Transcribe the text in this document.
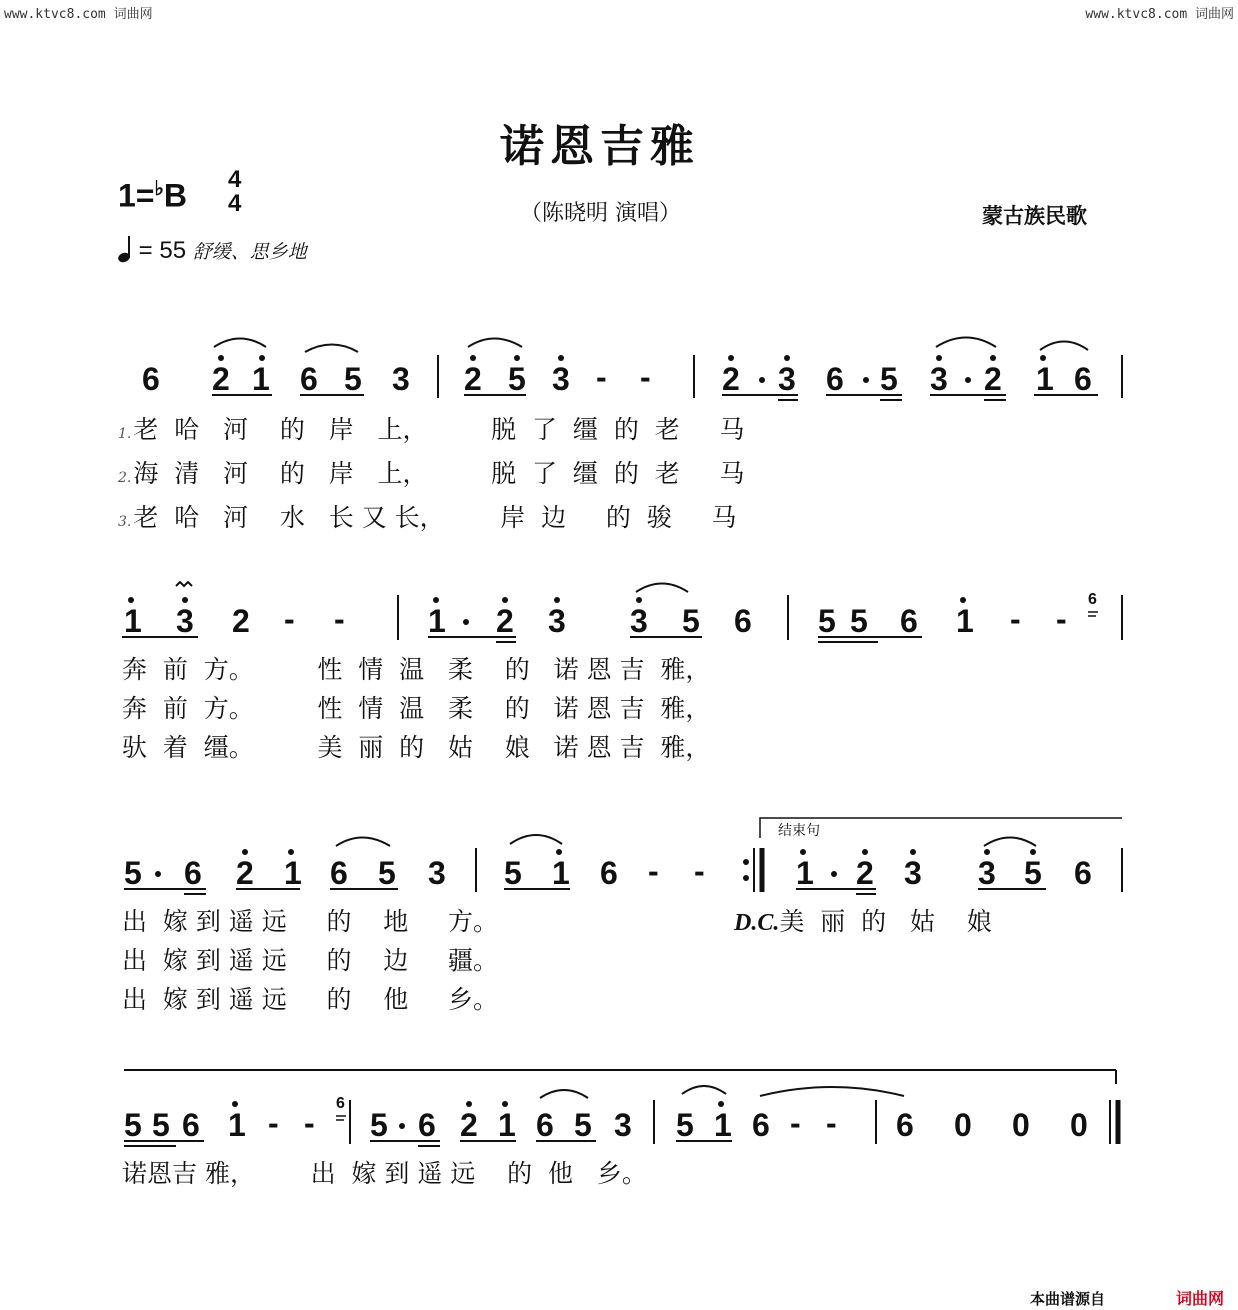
www.ktvc8.com 词曲网	www.ktvc8.com 词曲网
诺恩吉雅
1=♭B 4
4	（陈晓明 演唱）	蒙古族民歌
= 55 舒缓、思乡地
6 2 1 6 5 3 2 5 3 - - 2 3 6 5 3 2 1 6
1 3 2 - -	1 2 3 3 5 6 5 5 6 1 - -
6
5 6 2 1 6 5 3 5 1 6 - -	1 2 3 3 5 6
5 5 6 1 - -
6
5 6 2 1 6 5 3 5 1 6 - - 6 0 0 0
1.老  哈   河    的   岸   上，        脱  了  缰  的  老     马
2.海  清   河    的   岸   上，        脱  了  缰  的  老     马
3.老  哈   河    水   长 又 长，       岸  边     的  骏     马
奔  前  方。        性  情  温   柔    的   诺 恩 吉  雅，
奔  前  方。        性  情  温   柔    的   诺 恩 吉  雅，
驮  着  缰。        美  丽  的   姑    娘   诺 恩 吉  雅，
结束句
出  嫁 到 遥 远     的    地     方。
出  嫁 到 遥 远     的    边     疆。
出  嫁 到 遥 远     的    他     乡。
D.C.美  丽  的   姑    娘
诺恩吉 雅，       出  嫁 到 遥 远    的  他   乡。
本曲谱源自	词曲网
